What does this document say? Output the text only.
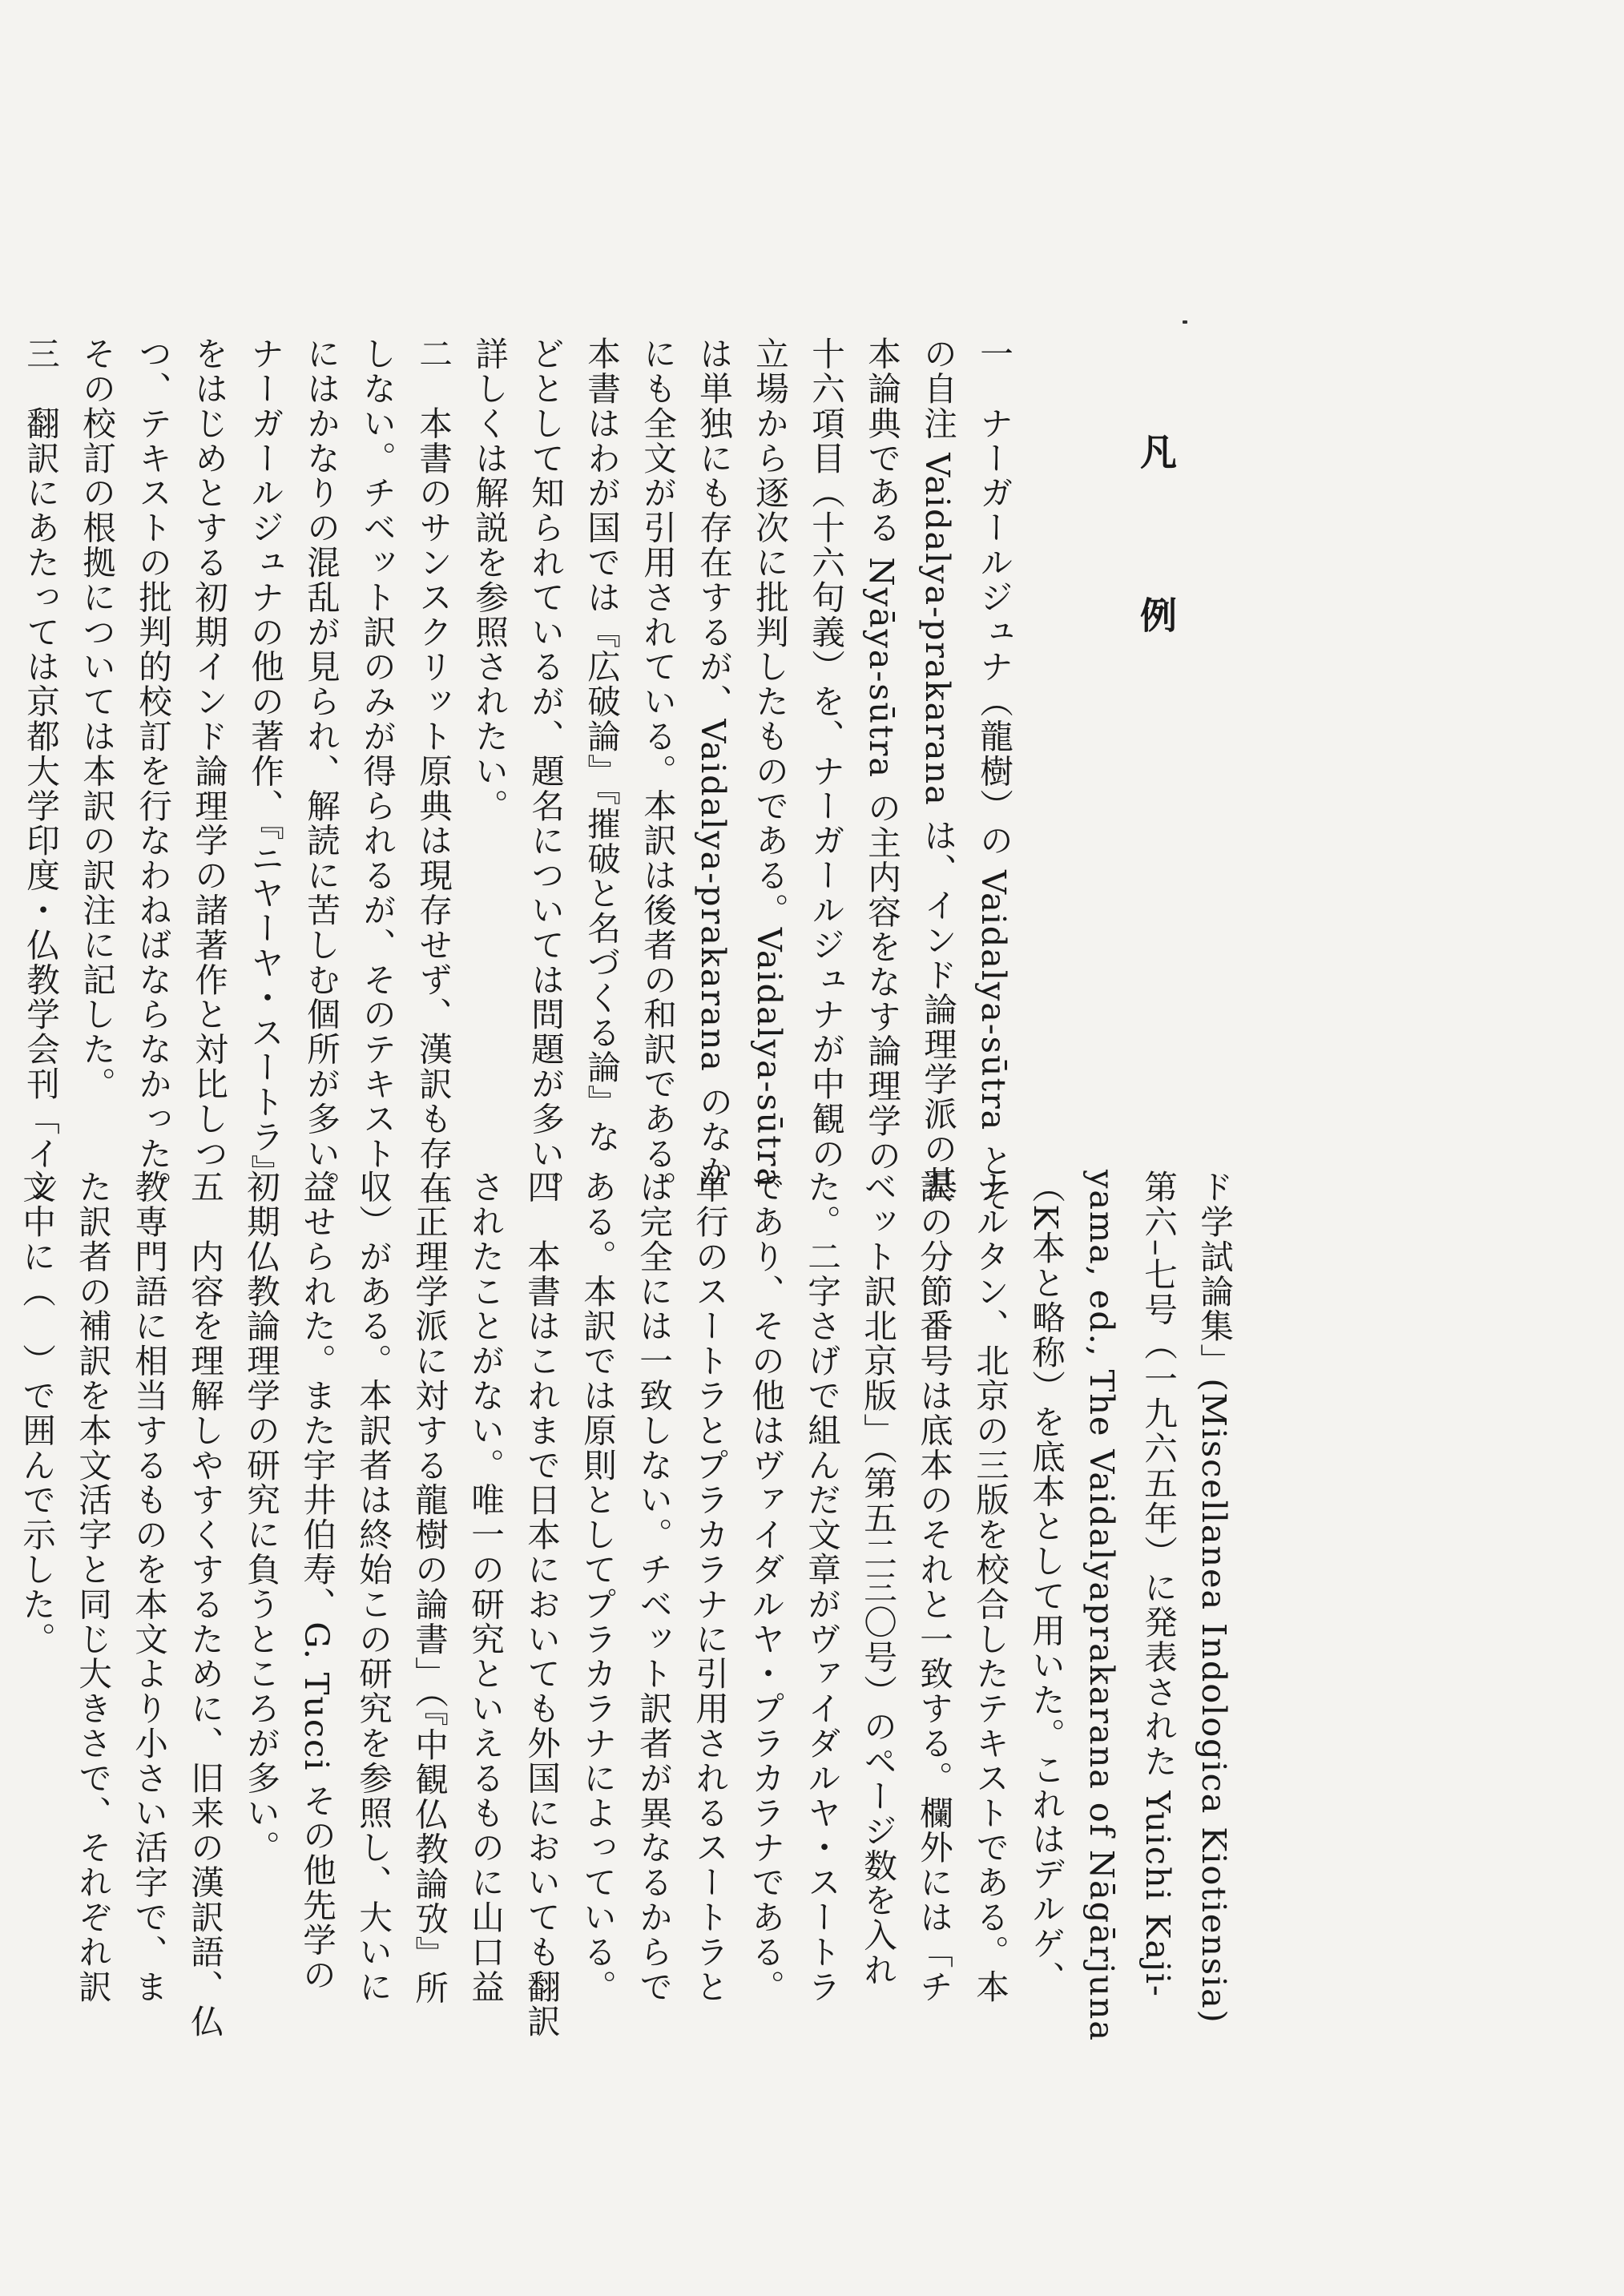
凡　例
一　ナーガールジュナ（龍樹）の Vaidalya-sūtra とそ
の自注 Vaidalya-prakarana は、インド論理学派の基
本論典である Nyāya-sūtra の主内容をなす論理学の
十六項目（十六句義）を、ナーガールジュナが中観の
立場から逐次に批判したものである。Vaidalya-sūtra
は単独にも存在するが、Vaidalya-prakarana のなか
にも全文が引用されている。本訳は後者の和訳である。
本書はわが国では『広破論』『摧破と名づくる論』な
どとして知られているが、題名については問題が多い。
詳しくは解説を参照されたい。
二　本書のサンスクリット原典は現存せず、漢訳も存在
しない。チベット訳のみが得られるが、そのテキスト
にはかなりの混乱が見られ、解読に苦しむ個所が多い。
ナーガールジュナの他の著作、『ニヤーヤ・スートラ』
をはじめとする初期インド論理学の諸著作と対比しつ
つ、テキストの批判的校訂を行なわねばならなかった。
その校訂の根拠については本訳の訳注に記した。
三　翻訳にあたっては京都大学印度・仏教学会刊「イン
ド学試論集」(Miscellanea Indologica Kiotiensia)
第六–七号（一九六五年）に発表された Yuichi Kaji-
yama, ed., The Vaidalyaprakarana of Nāgārjuna
（K本と略称）を底本として用いた。これはデルゲ、
ナルタン、北京の三版を校合したテキストである。本
訳の分節番号は底本のそれと一致する。欄外には「チ
ベット訳北京版」（第五二三〇号）のページ数を入れ
た。二字さげで組んだ文章がヴァイダルヤ・スートラ
であり、その他はヴァイダルヤ・プラカラナである。
単行のスートラとプラカラナに引用されるスートラと
は完全には一致しない。チベット訳者が異なるからで
ある。本訳では原則としてプラカラナによっている。
四　本書はこれまで日本においても外国においても翻訳
されたことがない。唯一の研究といえるものに山口益
「正理学派に対する龍樹の論書」（『中観仏教論攷』所
収）がある。本訳者は終始この研究を参照し、大いに
益せられた。また宇井伯寿、G. Tucci その他先学の
初期仏教論理学の研究に負うところが多い。
五　内容を理解しやすくするために、旧来の漢訳語、仏
教専門語に相当するものを本文より小さい活字で、ま
た訳者の補訳を本文活字と同じ大きさで、それぞれ訳
文中に（　）で囲んで示した。
